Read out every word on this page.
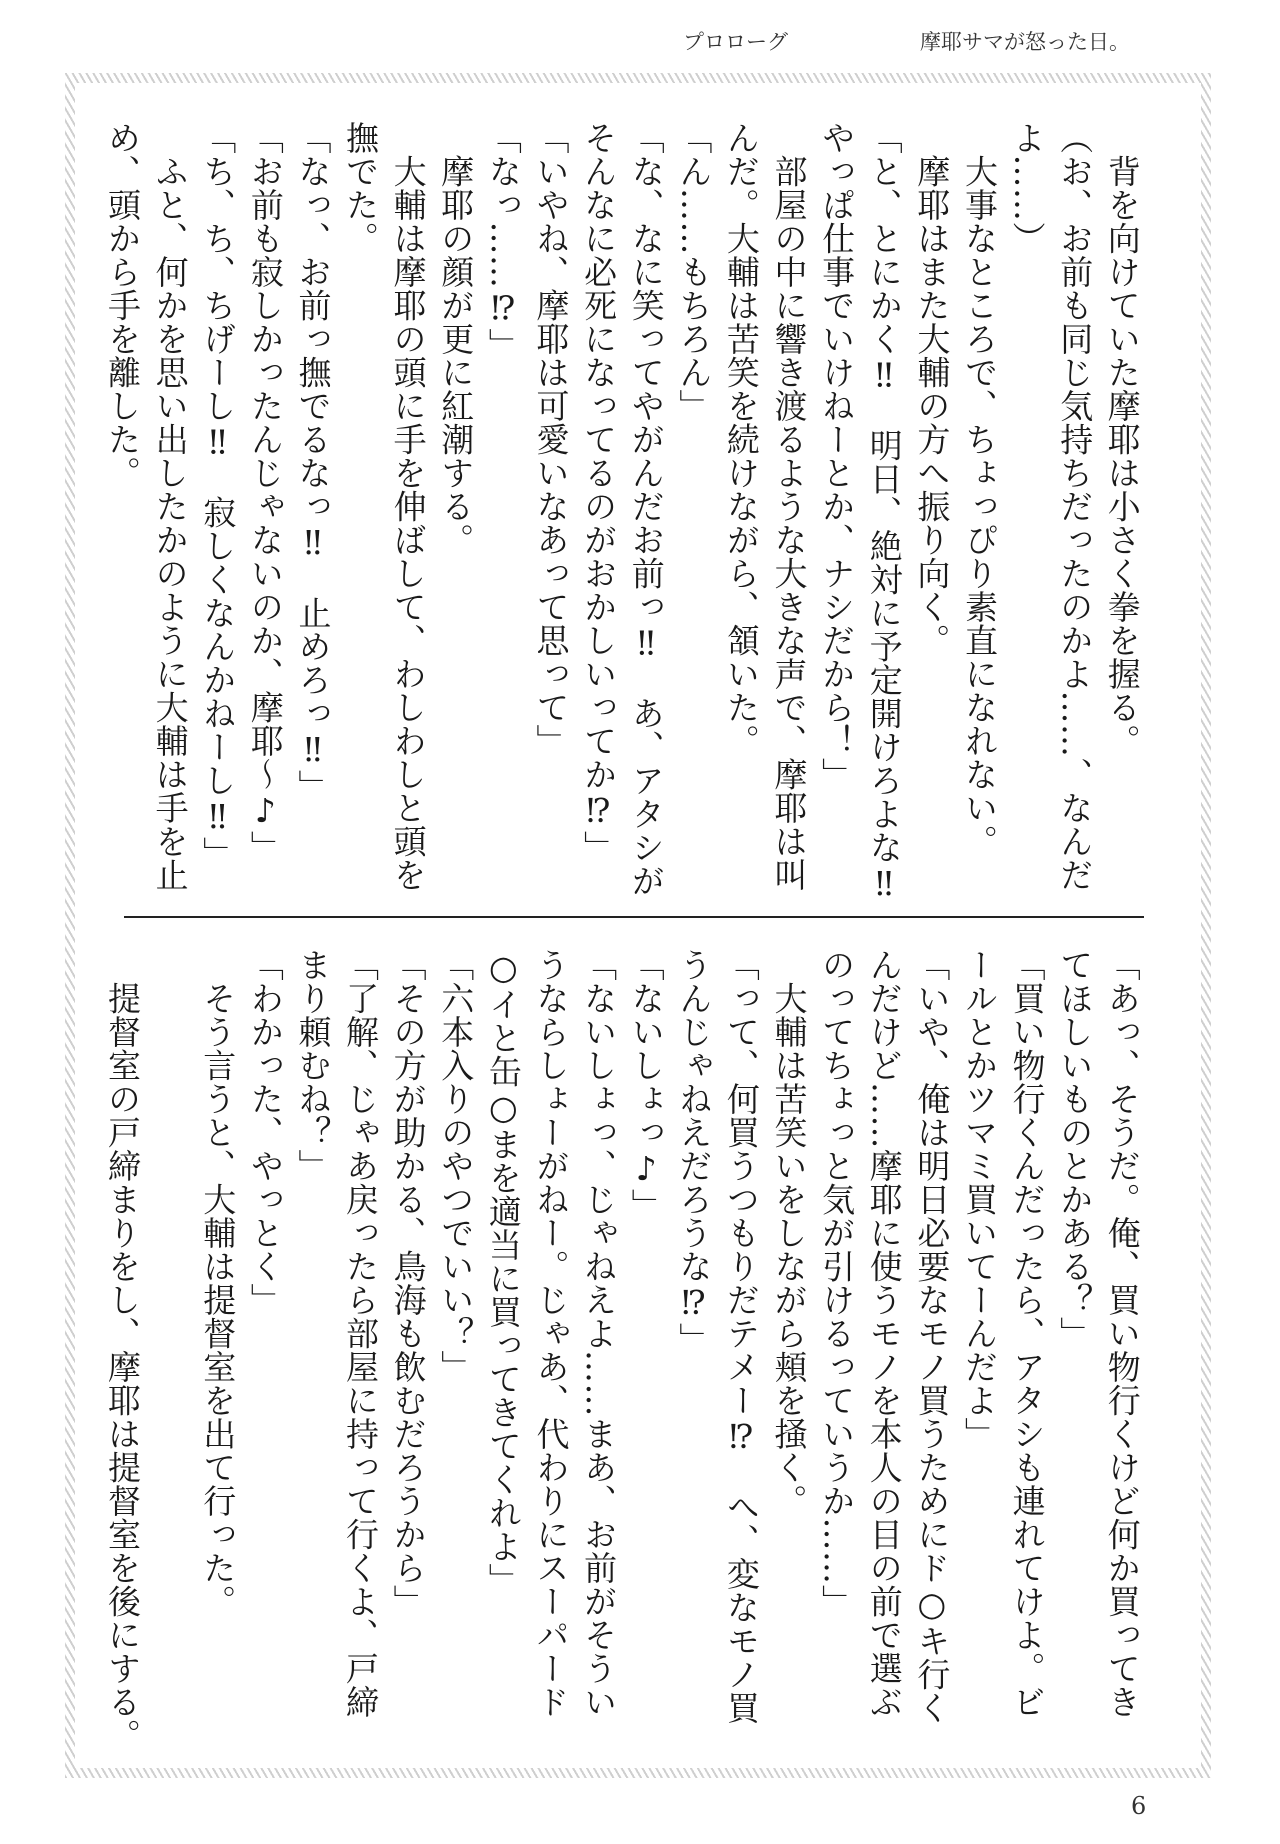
プロローグ	摩耶サマが怒った日。
　背を向けていた摩耶は小さく拳を握る。
（お、お前も同じ気持ちだったのかよ……、なんだ
よ……）
　大事なところで、ちょっぴり素直になれない。
　摩耶はまた大輔の方へ振り向く。
「と、とにかく‼　明日、絶対に予定開けろよな‼
やっぱ仕事でいけねーとか、ナシだから！」
　部屋の中に響き渡るような大きな声で、摩耶は叫
んだ。大輔は苦笑を続けながら、頷いた。
「ん……もちろん」
「な、なに笑ってやがんだお前っ‼　あ、アタシが
そんなに必死になってるのがおかしいってか⁉」
「いやね、摩耶は可愛いなあって思って」
「なっ……⁉」
　摩耶の顔が更に紅潮する。
　大輔は摩耶の頭に手を伸ばして、わしわしと頭を
撫でた。
「なっ、お前っ撫でるなっ‼　止めろっ‼」
「お前も寂しかったんじゃないのか、摩耶〜♪」
「ち、ち、ちげーし‼　寂しくなんかねーし‼」
　ふと、何かを思い出したかのように大輔は手を止
め、頭から手を離した。
「あっ、そうだ。俺、買い物行くけど何か買ってき
てほしいものとかある？」
「買い物行くんだったら、アタシも連れてけよ。ビ
ールとかツマミ買いてーんだよ」
「いや、俺は明日必要なモノ買うためにド○キ行く
んだけど……摩耶に使うモノを本人の目の前で選ぶ
のってちょっと気が引けるっていうか……」
　大輔は苦笑いをしながら頬を掻く。
「って、何買うつもりだテメー⁉　へ、変なモノ買
うんじゃねえだろうな⁉」
「ないしょっ♪」
「ないしょっ、じゃねえよ……まあ、お前がそうい
うならしょーがねー。じゃあ、代わりにスーパード
○イと缶○まを適当に買ってきてくれよ」
「六本入りのやつでいい？」
「その方が助かる、鳥海も飲むだろうから」
「了解、じゃあ戻ったら部屋に持って行くよ、戸締
まり頼むね？」
「わかった、やっとく」
　そう言うと、大輔は提督室を出て行った。
　提督室の戸締まりをし、摩耶は提督室を後にする。
6
